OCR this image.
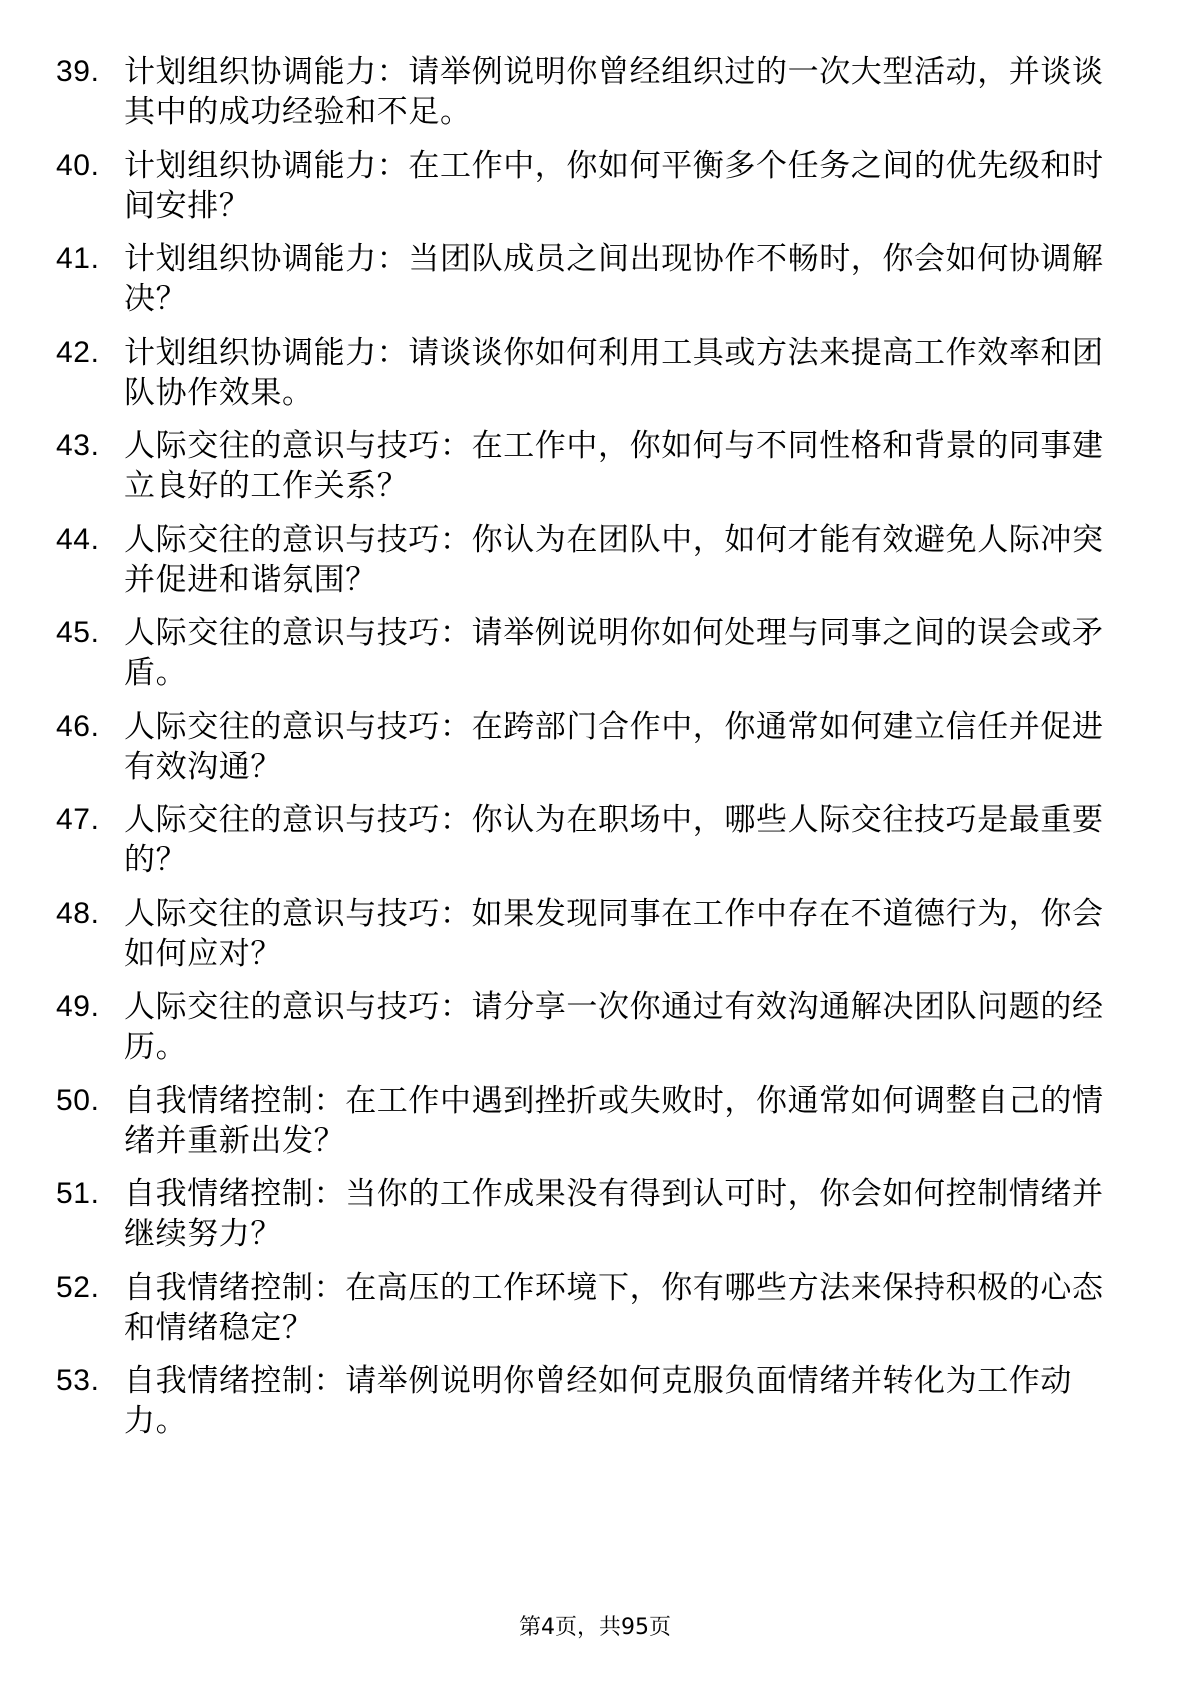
39. 计划组织协调能力：请举例说明你曾经组织过的一次大型活动，并谈谈其中的成功经验和不足。
40. 计划组织协调能力：在工作中，你如何平衡多个任务之间的优先级和时间安排？
41. 计划组织协调能力：当团队成员之间出现协作不畅时，你会如何协调解决？
42. 计划组织协调能力：请谈谈你如何利用工具或方法来提高工作效率和团队协作效果。
43. 人际交往的意识与技巧：在工作中，你如何与不同性格和背景的同事建立良好的工作关系？
44. 人际交往的意识与技巧：你认为在团队中，如何才能有效避免人际冲突并促进和谐氛围？
45. 人际交往的意识与技巧：请举例说明你如何处理与同事之间的误会或矛盾。
46. 人际交往的意识与技巧：在跨部门合作中，你通常如何建立信任并促进有效沟通？
47. 人际交往的意识与技巧：你认为在职场中，哪些人际交往技巧是最重要的？
48. 人际交往的意识与技巧：如果发现同事在工作中存在不道德行为，你会如何应对？
49. 人际交往的意识与技巧：请分享一次你通过有效沟通解决团队问题的经历。
50. 自我情绪控制：在工作中遇到挫折或失败时，你通常如何调整自己的情绪并重新出发？
51. 自我情绪控制：当你的工作成果没有得到认可时，你会如何控制情绪并继续努力？
52. 自我情绪控制：在高压的工作环境下，你有哪些方法来保持积极的心态和情绪稳定？
53. 自我情绪控制：请举例说明你曾经如何克服负面情绪并转化为工作动力。
第4页，共95页
